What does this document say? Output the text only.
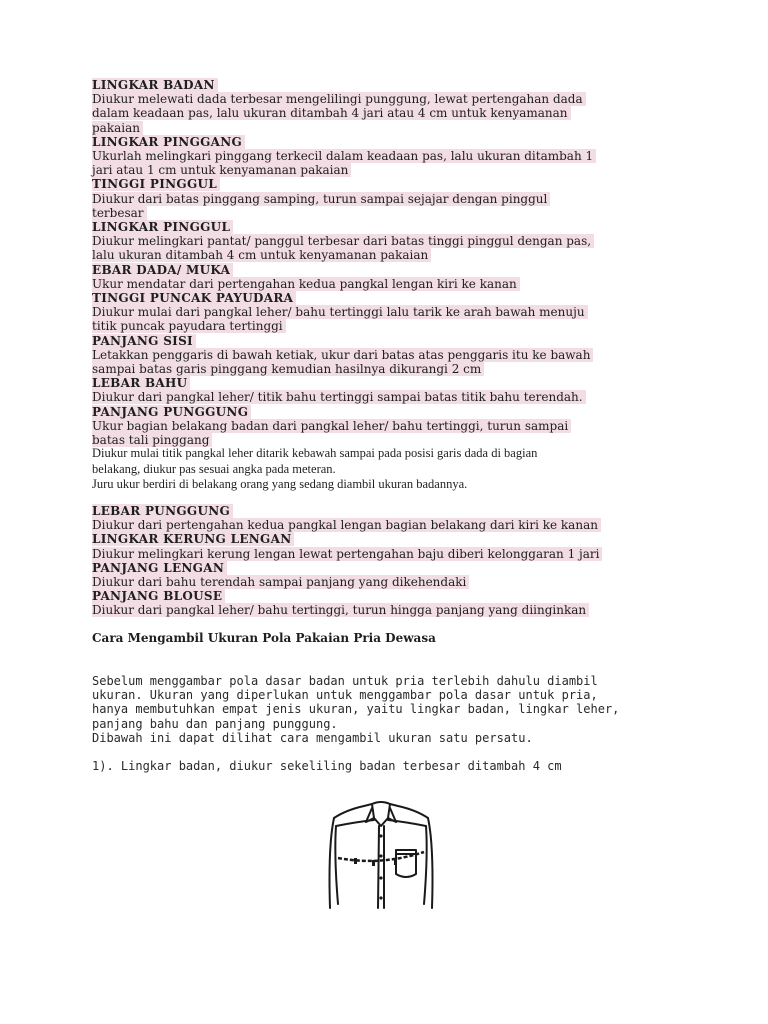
LINGKAR BADAN
Diukur melewati dada terbesar mengelilingi punggung, lewat pertengahan dada
dalam keadaan pas, lalu ukuran ditambah 4 jari atau 4 cm untuk kenyamanan
pakaian
LINGKAR PINGGANG
Ukurlah melingkari pinggang terkecil dalam keadaan pas, lalu ukuran ditambah 1
jari atau 1 cm untuk kenyamanan pakaian
TINGGI PINGGUL
Diukur dari batas pinggang samping, turun sampai sejajar dengan pinggul
terbesar
LINGKAR PINGGUL
Diukur melingkari pantat/ panggul terbesar dari batas tinggi pinggul dengan pas,
lalu ukuran ditambah 4 cm untuk kenyamanan pakaian
EBAR DADA/ MUKA
Ukur mendatar dari pertengahan kedua pangkal lengan kiri ke kanan
TINGGI PUNCAK PAYUDARA
Diukur mulai dari pangkal leher/ bahu tertinggi lalu tarik ke arah bawah menuju
titik puncak payudara tertinggi
PANJANG SISI
Letakkan penggaris di bawah ketiak, ukur dari batas atas penggaris itu ke bawah
sampai batas garis pinggang kemudian hasilnya dikurangi 2 cm
LEBAR BAHU
Diukur dari pangkal leher/ titik bahu tertinggi sampai batas titik bahu terendah.
PANJANG PUNGGUNG
Ukur bagian belakang badan dari pangkal leher/ bahu tertinggi, turun sampai
batas tali pinggang
Diukur mulai titik pangkal leher ditarik kebawah sampai pada posisi garis dada di bagian
belakang, diukur pas sesuai angka pada meteran.
Juru ukur berdiri di belakang orang yang sedang diambil ukuran badannya.
LEBAR PUNGGUNG
Diukur dari pertengahan kedua pangkal lengan bagian belakang dari kiri ke kanan
LINGKAR KERUNG LENGAN
Diukur melingkari kerung lengan lewat pertengahan baju diberi kelonggaran 1 jari
PANJANG LENGAN
Diukur dari bahu terendah sampai panjang yang dikehendaki
PANJANG BLOUSE
Diukur dari pangkal leher/ bahu tertinggi, turun hingga panjang yang diinginkan
Cara Mengambil Ukuran Pola Pakaian Pria Dewasa
Sebelum menggambar pola dasar badan untuk pria terlebih dahulu diambil
ukuran. Ukuran yang diperlukan untuk menggambar pola dasar untuk pria,
hanya membutuhkan empat jenis ukuran, yaitu lingkar badan, lingkar leher,
panjang bahu dan panjang punggung.
Dibawah ini dapat dilihat cara mengambil ukuran satu persatu.
1). Lingkar badan, diukur sekeliling badan terbesar ditambah 4 cm
